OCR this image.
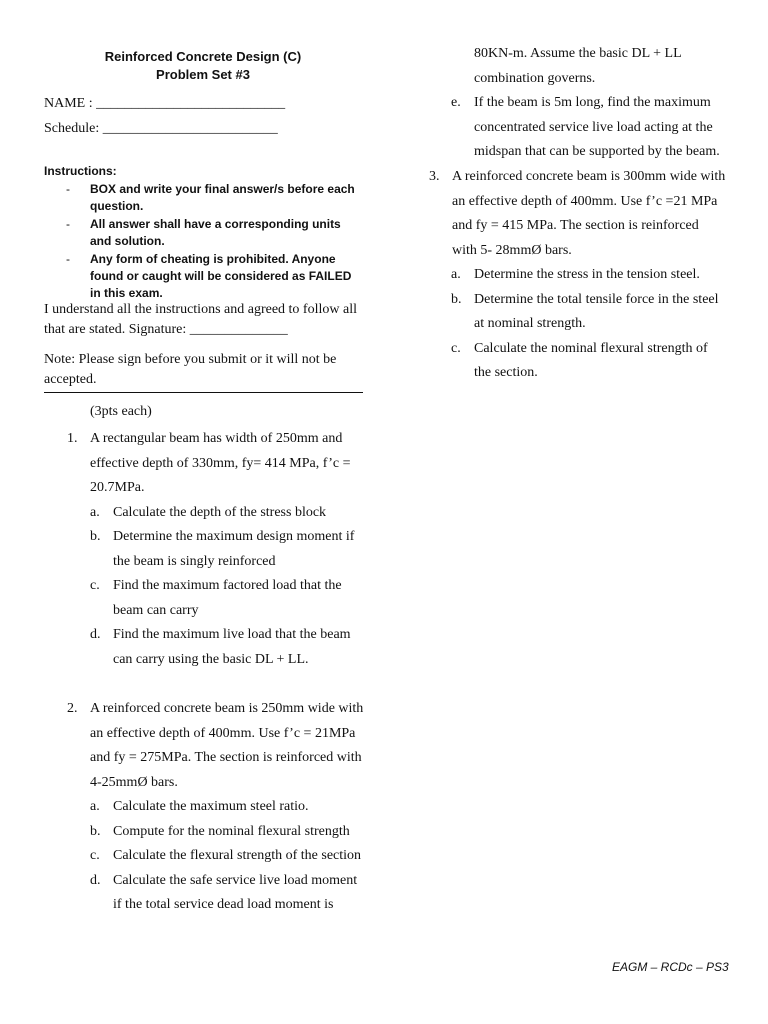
Reinforced Concrete Design (C)
Problem Set #3
NAME : ___________________________
Schedule: _________________________
Instructions:
- BOX and write your final answer/s before each question.
- All answer shall have a corresponding units and solution.
- Any form of cheating is prohibited. Anyone found or caught will be considered as FAILED in this exam.
I understand all the instructions and agreed to follow all that are stated. Signature: ______________
Note: Please sign before you submit or it will not be accepted.
(3pts each)
1. A rectangular beam has width of 250mm and effective depth of 330mm, fy= 414 MPa, f’c = 20.7MPa.
a. Calculate the depth of the stress block
b. Determine the maximum design moment if the beam is singly reinforced
c. Find the maximum factored load that the beam can carry
d. Find the maximum live load that the beam can carry using the basic DL + LL.
2. A reinforced concrete beam is 250mm wide with an effective depth of 400mm. Use f’c = 21MPa and fy = 275MPa. The section is reinforced with 4-25mmØ bars.
a. Calculate the maximum steel ratio.
b. Compute for the nominal flexural strength
c. Calculate the flexural strength of the section
d. Calculate the safe service live load moment if the total service dead load moment is
80KN-m. Assume the basic DL + LL combination governs.
e. If the beam is 5m long, find the maximum concentrated service live load acting at the midspan that can be supported by the beam.
3. A reinforced concrete beam is 300mm wide with an effective depth of 400mm. Use f’c =21 MPa and fy = 415 MPa. The section is reinforced with 5- 28mmØ bars.
a. Determine the stress in the tension steel.
b. Determine the total tensile force in the steel at nominal strength.
c. Calculate the nominal flexural strength of the section.
EAGM – RCDc – PS3
